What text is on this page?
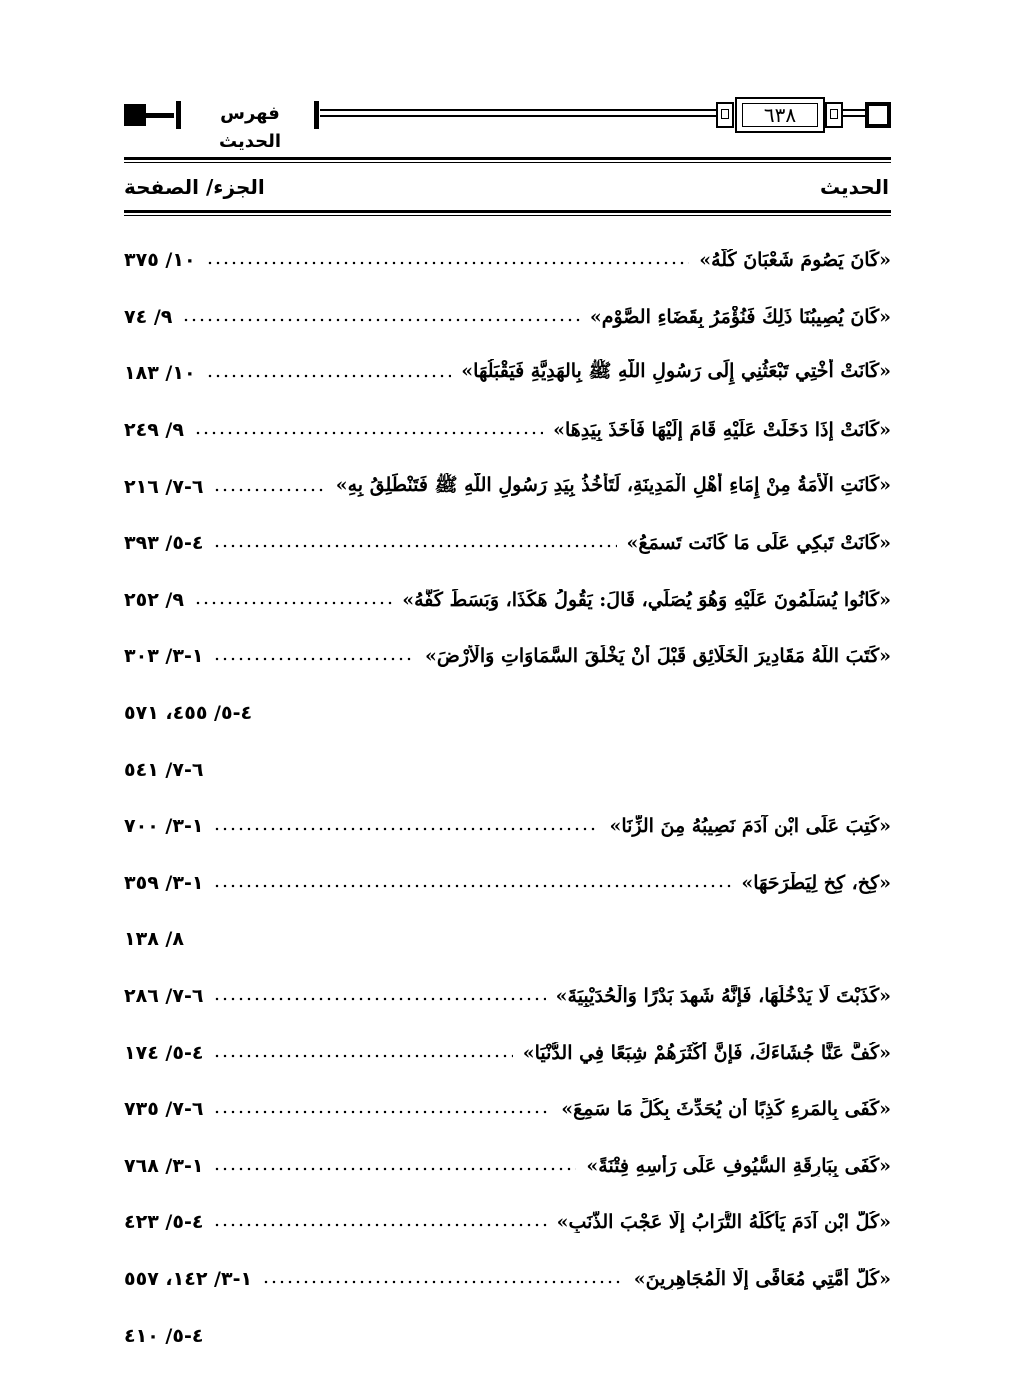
فهرس الحديث
٦٣٨
الحديث
الجزء/ الصفحة
«كَانَ يَصُومَ شَعْبَانَ كُلَّهُ»
١٠/ ٣٧٥
«كَانَ يُصِيبُنَا ذَلِكَ فَنُؤْمَرُ بِقَضَاءِ الصَّوْمِ»
٩/ ٧٤
«كَانَتْ أُخْتِي تَبْعَثُنِي إِلَى رَسُولِ اللَّهِ ﷺ بِالهَدِيَّةِ فَيَقْبَلُهَا»
١٠/ ١٨٣
«كَانَتْ إِذَا دَخَلَتْ عَلَيْهِ قَامَ إِلَيْهَا فَأَخَذَ بِيَدِهَا»
٩/ ٢٤٩
«كَانَتِ الْأَمَةُ مِنْ إِمَاءِ أَهْلِ الْمَدِينَةِ، لَتَأْخُذُ بِيَدِ رَسُولِ اللَّهِ ﷺ فَتَنْطَلِقُ بِهِ»
٦-٧/ ٢١٦
«كَانَتْ تَبكِي عَلَى مَا كَانَت تَسمَعُ»
٤-٥/ ٣٩٣
«كَانُوا يُسَلِّمُونَ عَلَيْهِ وَهُوَ يُصَلِّي، قَالَ: يَقُولُ هَكَذَا، وَبَسَطَ كَفَّهُ»
٩/ ٢٥٢
«كَتَبَ اللَّهُ مَقَادِيرَ الْخَلَائِقِ قَبْلَ أَنْ يَخْلُقَ السَّمَاوَاتِ وَالْأَرْضَ»
١-٣/ ٣٠٣
٤-٥/ ٤٥٥، ٥٧١
٦-٧/ ٥٤١
«كُتِبَ عَلَى ابْنِ آدَمَ نَصِيبُهُ مِنَ الزِّنَا»
١-٣/ ٧٠٠
«كِخٍ، كِخٍ لِيَطْرَحَهَا»
١-٣/ ٣٥٩
٨/ ١٣٨
«كَذَبْتَ لَا يَدْخُلُهَا، فَإِنَّهُ شَهِدَ بَدْرًا وَالْحُدَيْبِيَةَ»
٦-٧/ ٢٨٦
«كُفَّ عَنَّا جُشَاءَكَ، فَإِنَّ أَكْثَرَهُمْ شِبَعًا فِي الدُّنْيَا»
٤-٥/ ١٧٤
«كَفَى بِالمَرءِ كَذِبًا أَن يُحَدِّثَ بِكُلِّ مَا سَمِعَ»
٦-٧/ ٧٣٥
«كَفَى بِبَارِقَةِ السُّيُوفِ عَلَى رَأْسِهِ فِتْنَةً»
١-٣/ ٧٦٨
«كُلُّ ابْنِ آدَمَ يَأْكُلُهُ التُّرَابُ إِلَّا عَجْبَ الذَّنَبِ»
٤-٥/ ٤٢٣
«كُلُّ أُمَّتِي مُعَافًى إِلَّا الْمُجَاهِرِينَ»
١-٣/ ١٤٢، ٥٥٧
٤-٥/ ٤١٠
